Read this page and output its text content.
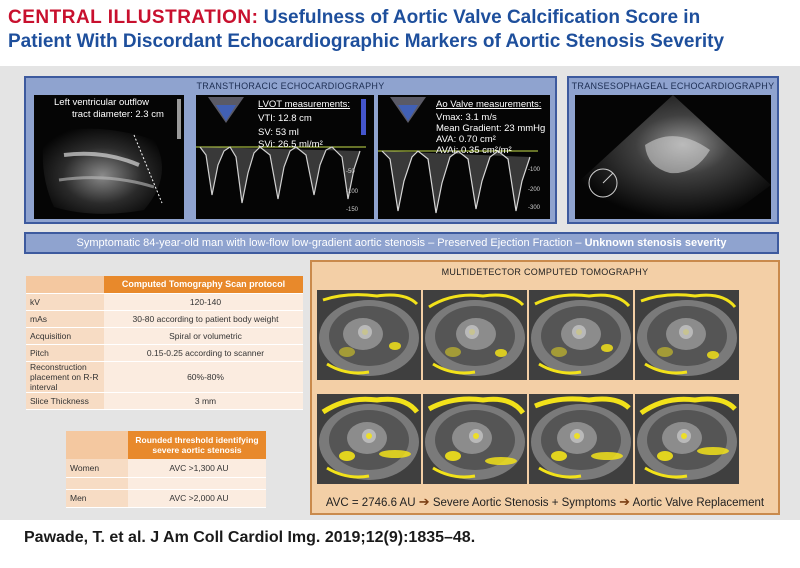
CENTRAL ILLUSTRATION: Usefulness of Aortic Valve Calcification Score in
Patient With Discordant Echocardiographic Markers of Aortic Stenosis Severity
TRANSTHORACIC ECHOCARDIOGRAPHY
Left ventricular outflow
tract diameter: 2.3 cm
LVOT measurements:
VTI: 12.8 cm
SV: 53 ml
SVi: 26.5 ml/m²
-50
-100
-150
Ao Valve measurements:
Vmax: 3.1 m/s
Mean Gradient: 23 mmHg
AVA: 0.70 cm²
AVAi: 0.35 cm²/m²
-100
-200
-300
TRANSESOPHAGEAL ECHOCARDIOGRAPHY
Symptomatic 84-year-old man with low-flow low-gradient aortic stenosis – Preserved Ejection Fraction – Unknown stenosis severity
	Computed Tomography Scan protocol
kV	120-140
mAs	30-80 according to patient body weight
Acquisition	Spiral or volumetric
Pitch	0.15-0.25 according to scanner
Reconstruction placement on R-R interval	60%-80%
Slice Thickness	3 mm
	Rounded threshold identifying severe aortic stenosis
Women	AVC >1,300 AU

Men	AVC >2,000 AU
MULTIDETECTOR COMPUTED TOMOGRAPHY
AVC = 2746.6 AU ➔ Severe Aortic Stenosis + Symptoms ➔ Aortic Valve Replacement
Pawade, T. et al. J Am Coll Cardiol Img. 2019;12(9):1835–48.
